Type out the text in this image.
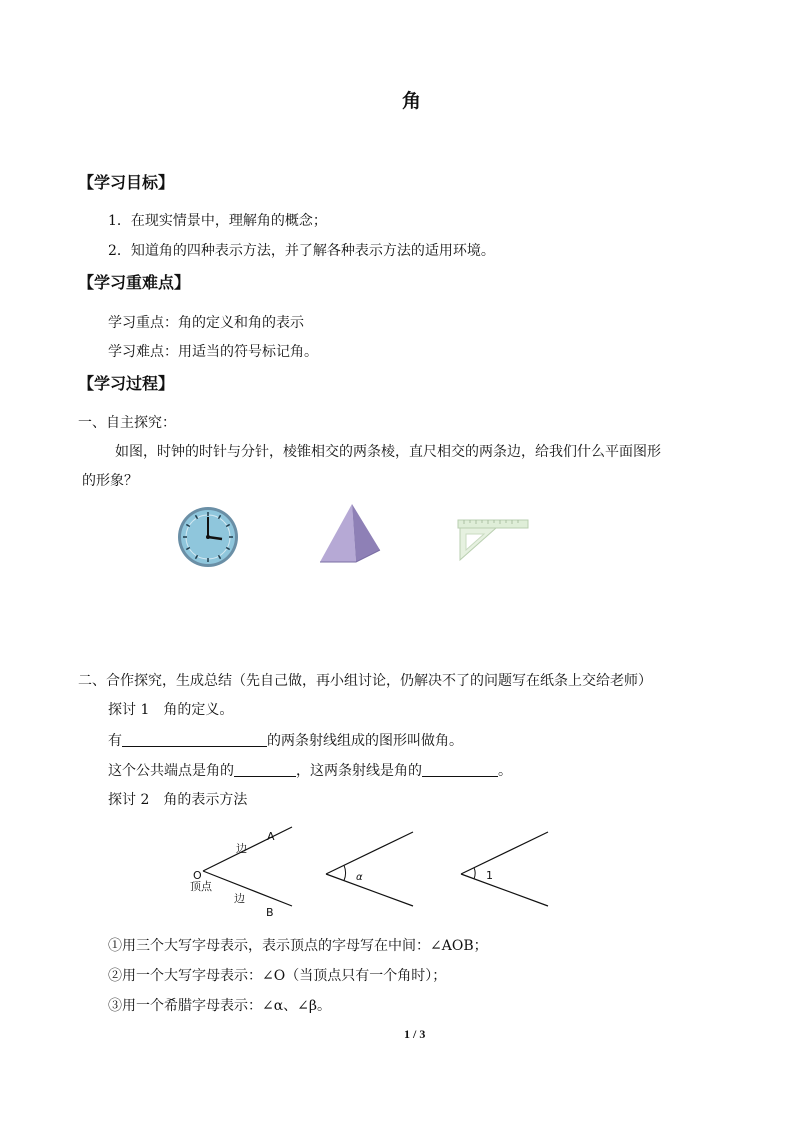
角
【学习目标】
1．在现实情景中，理解角的概念；
2．知道角的四种表示方法，并了解各种表示方法的适用环境。
【学习重难点】
学习重点：角的定义和角的表示
学习难点：用适当的符号标记角。
【学习过程】
一、自主探究：
如图，时钟的时针与分针，棱锥相交的两条棱，直尺相交的两条边，给我们什么平面图形
的形象？
二、合作探究，生成总结（先自己做，再小组讨论，仍解决不了的问题写在纸条上交给老师）
探讨 1　角的定义。
有	的两条射线组成的图形叫做角。
这个公共端点是角的	，这两条射线是角的	。
探讨 2　角的表示方法
A
B
O
边
边
顶点
α	1
①用三个大写字母表示，表示顶点的字母写在中间：∠AOB；
②用一个大写字母表示：∠O（当顶点只有一个角时）；
③用一个希腊字母表示：∠α、∠β。
1 / 3
